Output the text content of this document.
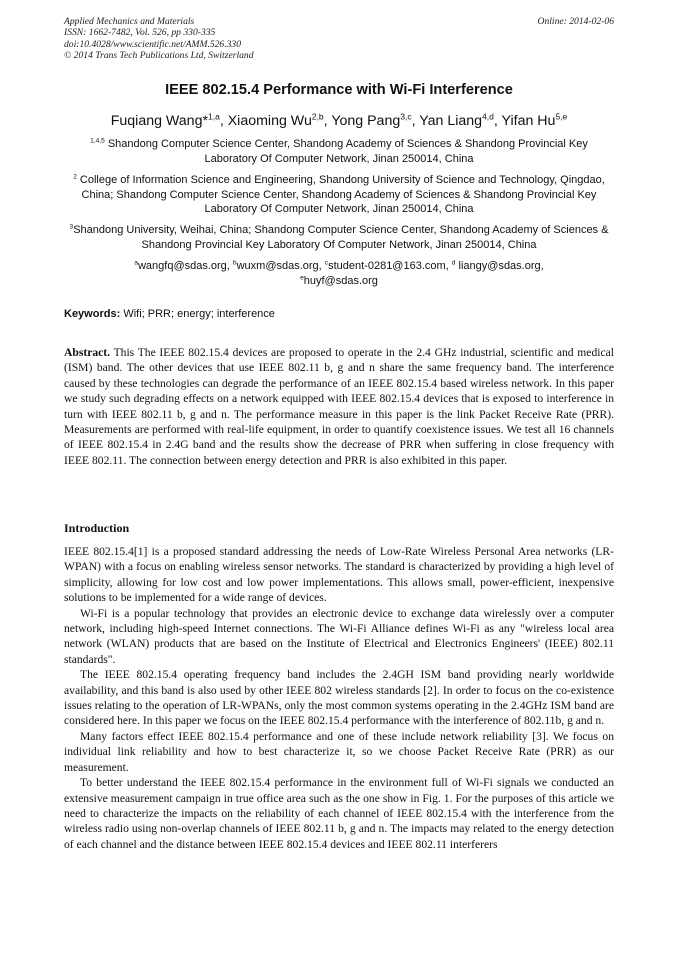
Applied Mechanics and Materials
ISSN: 1662-7482, Vol. 526, pp 330-335
doi:10.4028/www.scientific.net/AMM.526.330
© 2014 Trans Tech Publications Ltd, Switzerland
Online: 2014-02-06
IEEE 802.15.4 Performance with Wi-Fi Interference
Fuqiang Wang*$^{1,a}$, Xiaoming Wu$^{2,b}$, Yong Pang$^{3,c}$, Yan Liang$^{4,d}$, Yifan Hu$^{5,e}$
$^{1,4,5}$ Shandong Computer Science Center, Shandong Academy of Sciences & Shandong Provincial Key Laboratory Of Computer Network, Jinan 250014, China
$^2$ College of Information Science and Engineering, Shandong University of Science and Technology, Qingdao, China; Shandong Computer Science Center, Shandong Academy of Sciences & Shandong Provincial Key Laboratory Of Computer Network, Jinan 250014, China
$^3$Shandong University, Weihai, China; Shandong Computer Science Center, Shandong Academy of Sciences & Shandong Provincial Key Laboratory Of Computer Network, Jinan 250014, China
$^a$wangfq@sdas.org, $^b$wuxm@sdas.org, $^c$student-0281@163.com, $^d$ liangy@sdas.org,
$^e$huyf@sdas.org
Keywords: Wifi; PRR; energy; interference
Abstract. This The IEEE 802.15.4 devices are proposed to operate in the 2.4 GHz industrial, scientific and medical (ISM) band. The other devices that use IEEE 802.11 b, g and n share the same frequency band. The interference caused by these technologies can degrade the performance of an IEEE 802.15.4 based wireless network. In this paper we study such degrading effects on a network equipped with IEEE 802.15.4 devices that is exposed to interference in turn with IEEE 802.11 b, g and n. The performance measure in this paper is the link Packet Receive Rate (PRR). Measurements are performed with real-life equipment, in order to quantify coexistence issues. We test all 16 channels of IEEE 802.15.4 in 2.4G band and the results show the decrease of PRR when suffering in close frequency with IEEE 802.11. The connection between energy detection and PRR is also exhibited in this paper.
Introduction

IEEE 802.15.4[1] is a proposed standard addressing the needs of Low-Rate Wireless Personal Area networks (LR-WPAN) with a focus on enabling wireless sensor networks. The standard is characterized by providing a high level of simplicity, allowing for low cost and low power implementations. This allows small, power-efficient, inexpensive solutions to be implemented for a wide range of devices.

Wi-Fi is a popular technology that provides an electronic device to exchange data wirelessly over a computer network, including high-speed Internet connections. The Wi-Fi Alliance defines Wi-Fi as any "wireless local area network (WLAN) products that are based on the Institute of Electrical and Electronics Engineers' (IEEE) 802.11 standards".

The IEEE 802.15.4 operating frequency band includes the 2.4GH ISM band providing nearly worldwide availability, and this band is also used by other IEEE 802 wireless standards [2]. In order to focus on the co-existence issues relating to the operation of LR-WPANs, only the most common systems operating in the 2.4GHz ISM band are considered here. In this paper we focus on the IEEE 802.15.4 performance with the interference of 802.11b, g and n.

Many factors effect IEEE 802.15.4 performance and one of these include network reliability [3]. We focus on individual link reliability and how to best characterize it, so we choose Packet Receive Rate (PRR) as our measurement.

To better understand the IEEE 802.15.4 performance in the environment full of Wi-Fi signals we conducted an extensive measurement campaign in true office area such as the one show in Fig. 1. For the purposes of this article we need to characterize the impacts on the reliability of each channel of IEEE 802.15.4 with the interference from the wireless radio using non-overlap channels of IEEE 802.11 b, g and n. The impacts may related to the energy detection of each channel and the distance between IEEE 802.15.4 devices and IEEE 802.11 interferers
